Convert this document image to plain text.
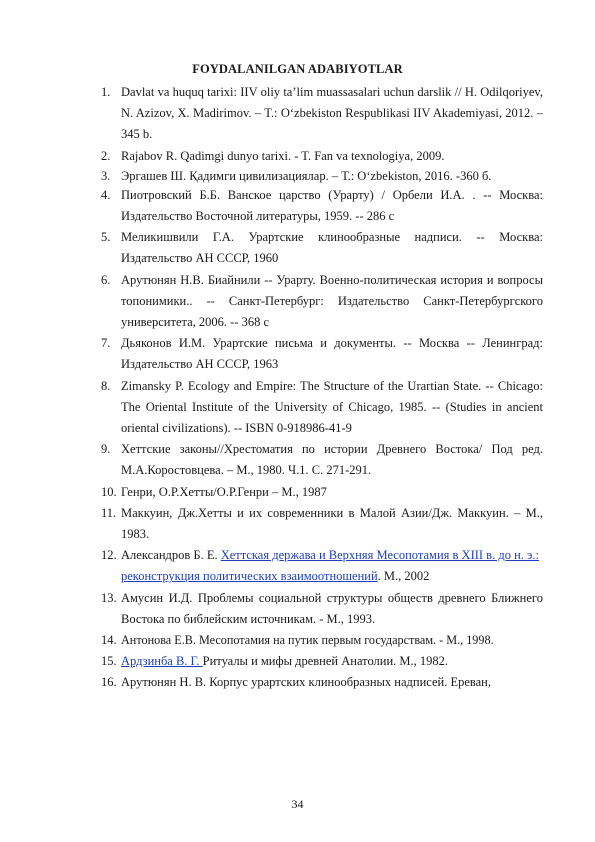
FOYDALANILGAN ADABIYOTLAR
1. Davlat va huquq tarixi: IIV oliy ta’lim muassasalari uchun darslik // H. Odilqoriyev, N. Azizov, X. Madirimov. – T.: O‘zbekiston Respublikasi IIV Akademiyasi, 2012. – 345 b.
2. Rajabov R. Qadimgi dunyo tarixi. - T. Fan va texnologiya, 2009.
3. Эргашев Ш. Қадимги цивилизациялар. – Т.: O‘zbekiston, 2016. -360 б.
4. Пиотровский Б.Б. Ванское царство (Урарту) / Орбели И.А. . -- Москва: Издательство Восточной литературы, 1959. -- 286 с
5. Меликишвили Г.А. Урартские клинообразные надписи. -- Москва: Издательство АН СССР, 1960
6. Арутюнян Н.В. Биайнили -- Урарту. Военно-политическая история и вопросы топонимики.. -- Санкт-Петербург: Издательство Санкт-Петербургского университета, 2006. -- 368 с
7. Дьяконов И.М. Урартские письма и документы. -- Москва -- Ленинград: Издательство АН СССР, 1963
8. Zimansky P. Ecology and Empire: The Structure of the Urartian State. -- Chicago: The Oriental Institute of the University of Chicago, 1985. -- (Studies in ancient oriental civilizations). -- ISBN 0-918986-41-9
9. Хеттские законы//Хрестоматия по истории Древнего Востока/ Под ред. М.А.Коростовцева. – М., 1980. Ч.1. С. 271-291.
10. Генри, О.Р.Хетты/О.Р.Генри – М., 1987
11. Маккуин, Дж.Хетты и их современники в Малой Азии/Дж. Маккуин. – М., 1983.
12. Александров Б. Е. Хеттская держава и Верхняя Месопотамия в XIII в. до н. э.: реконструкция политических взаимоотношений. М., 2002
13. Амусин И.Д. Проблемы социальной структуры обществ древнего Ближнего Востока по библейским источникам. - М., 1993.
14. Антонова Е.В. Месопотамия на путик первым государствам. - М., 1998.
15. Ардзинба В. Г. Ритуалы и мифы древней Анатолии. М., 1982.
16. Арутюнян Н. В. Корпус урартских клинообразных надписей. Ереван,
34
